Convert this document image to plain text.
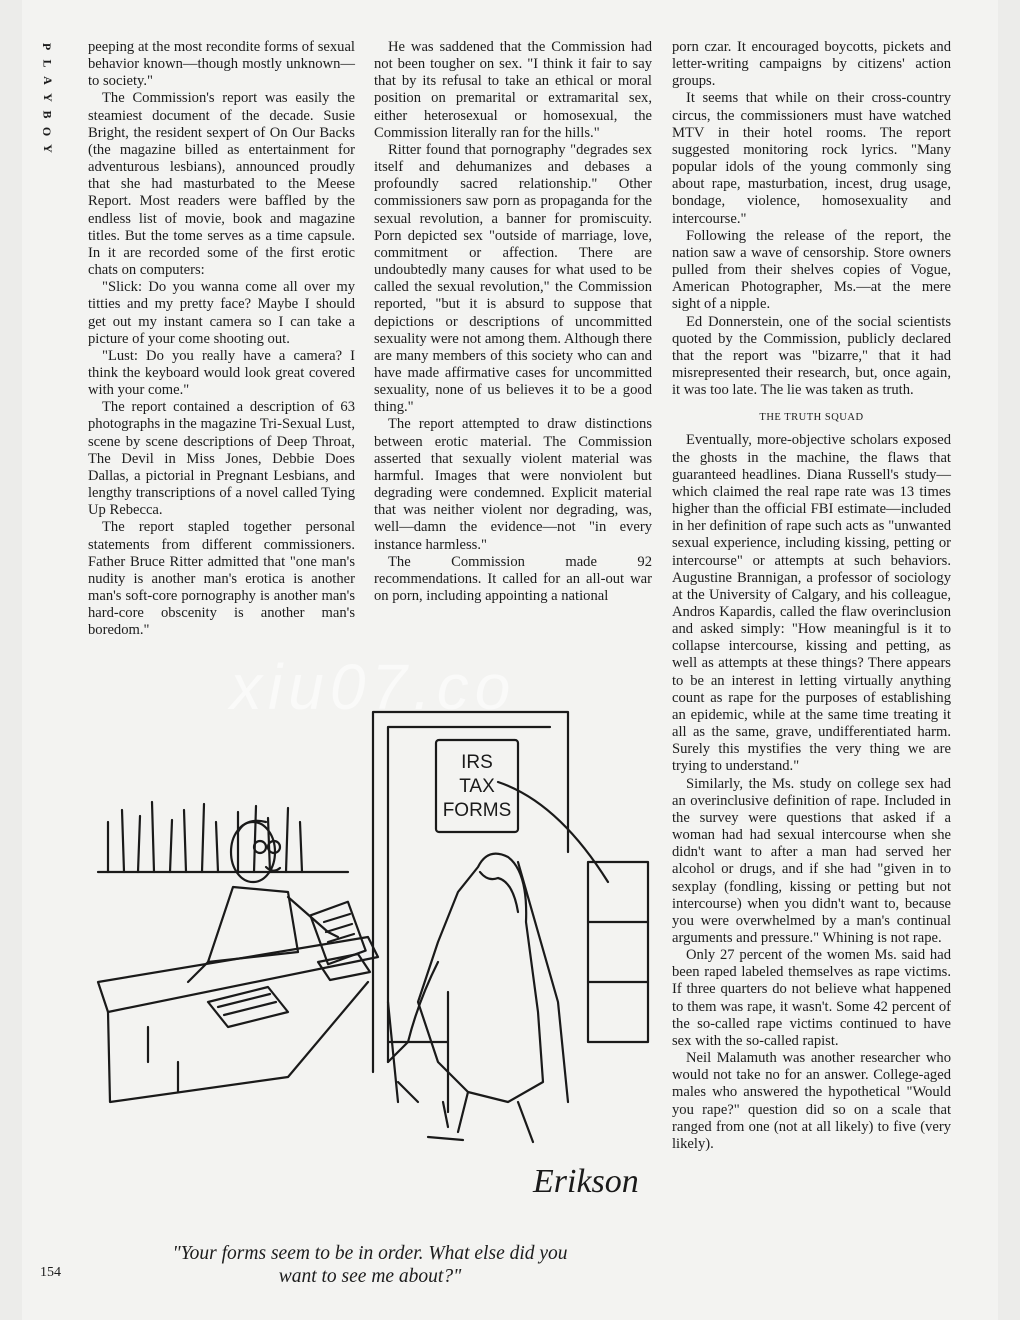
P
L
A
Y
B
O
Y

peeping at the most recondite forms of sexual behavior known—though mostly unknown—to society."

The Commission's report was easily the steamiest document of the decade. Susie Bright, the resident sexpert of On Our Backs (the magazine billed as entertainment for adventurous lesbians), announced proudly that she had masturbated to the Meese Report. Most readers were baffled by the endless list of movie, book and magazine titles. But the tome serves as a time capsule. In it are recorded some of the first erotic chats on computers:

"Slick: Do you wanna come all over my titties and my pretty face? Maybe I should get out my instant camera so I can take a picture of your come shooting out.

"Lust: Do you really have a camera? I think the keyboard would look great covered with your come."

The report contained a description of 63 photographs in the magazine Tri-Sexual Lust, scene by scene descriptions of Deep Throat, The Devil in Miss Jones, Debbie Does Dallas, a pictorial in Pregnant Lesbians, and lengthy transcriptions of a novel called Tying Up Rebecca.

The report stapled together personal statements from different commissioners. Father Bruce Ritter admitted that "one man's nudity is another man's erotica is another man's soft-core pornography is another man's hard-core obscenity is another man's boredom."

He was saddened that the Commission had not been tougher on sex. "I think it fair to say that by its refusal to take an ethical or moral position on premarital or extramarital sex, either heterosexual or homosexual, the Commission literally ran for the hills."

Ritter found that pornography "degrades sex itself and dehumanizes and debases a profoundly sacred relationship." Other commissioners saw porn as propaganda for the sexual revolution, a banner for promiscuity. Porn depicted sex "outside of marriage, love, commitment or affection. There are undoubtedly many causes for what used to be called the sexual revolution," the Commission reported, "but it is absurd to suppose that depictions or descriptions of uncommitted sexuality were not among them. Although there are many members of this society who can and have made affirmative cases for uncommitted sexuality, none of us believes it to be a good thing."

The report attempted to draw distinctions between erotic material. The Commission asserted that sexually violent material was harmful. Images that were nonviolent but degrading were condemned. Explicit material that was neither violent nor degrading, was, well—damn the evidence—not "in every instance harmless."

The Commission made 92 recommendations. It called for an all-out war on porn, including appointing a national

porn czar. It encouraged boycotts, pickets and letter-writing campaigns by citizens' action groups.

It seems that while on their cross-country circus, the commissioners must have watched MTV in their hotel rooms. The report suggested monitoring rock lyrics. "Many popular idols of the young commonly sing about rape, masturbation, incest, drug usage, bondage, violence, homosexuality and intercourse."

Following the release of the report, the nation saw a wave of censorship. Store owners pulled from their shelves copies of Vogue, American Photographer, Ms.—at the mere sight of a nipple.

Ed Donnerstein, one of the social scientists quoted by the Commission, publicly declared that the report was "bizarre," that it had misrepresented their research, but, once again, it was too late. The lie was taken as truth.

THE TRUTH SQUAD

Eventually, more-objective scholars exposed the ghosts in the machine, the flaws that guaranteed headlines. Diana Russell's study—which claimed the real rape rate was 13 times higher than the official FBI estimate—included in her definition of rape such acts as "unwanted sexual experience, including kissing, petting or intercourse" or attempts at such behaviors. Augustine Brannigan, a professor of sociology at the University of Calgary, and his colleague, Andros Kapardis, called the flaw overinclusion and asked simply: "How meaningful is it to collapse intercourse, kissing and petting, as well as attempts at these things? There appears to be an interest in letting virtually anything count as rape for the purposes of establishing an epidemic, while at the same time treating it all as the same, grave, undifferentiated harm. Surely this mystifies the very thing we are trying to understand."

Similarly, the Ms. study on college sex had an overinclusive definition of rape. Included in the survey were questions that asked if a woman had had sexual intercourse when she didn't want to after a man had served her alcohol or drugs, and if she had "given in to sexplay (fondling, kissing or petting but not intercourse) when you didn't want to, because you were overwhelmed by a man's continual arguments and pressure." Whining is not rape.

Only 27 percent of the women Ms. said had been raped labeled themselves as rape victims. If three quarters do not believe what happened to them was rape, it wasn't. Some 42 percent of the so-called rape victims continued to have sex with the so-called rapist.

Neil Malamuth was another researcher who would not take no for an answer. College-aged males who answered the hypothetical "Would you rape?" question did so on a scale that ranged from one (not at all likely) to five (very likely).

IRS
TAX
FORMS
Erikson
"Your forms seem to be in order. What else did you
want to see me about?"
154
xiu07.co
